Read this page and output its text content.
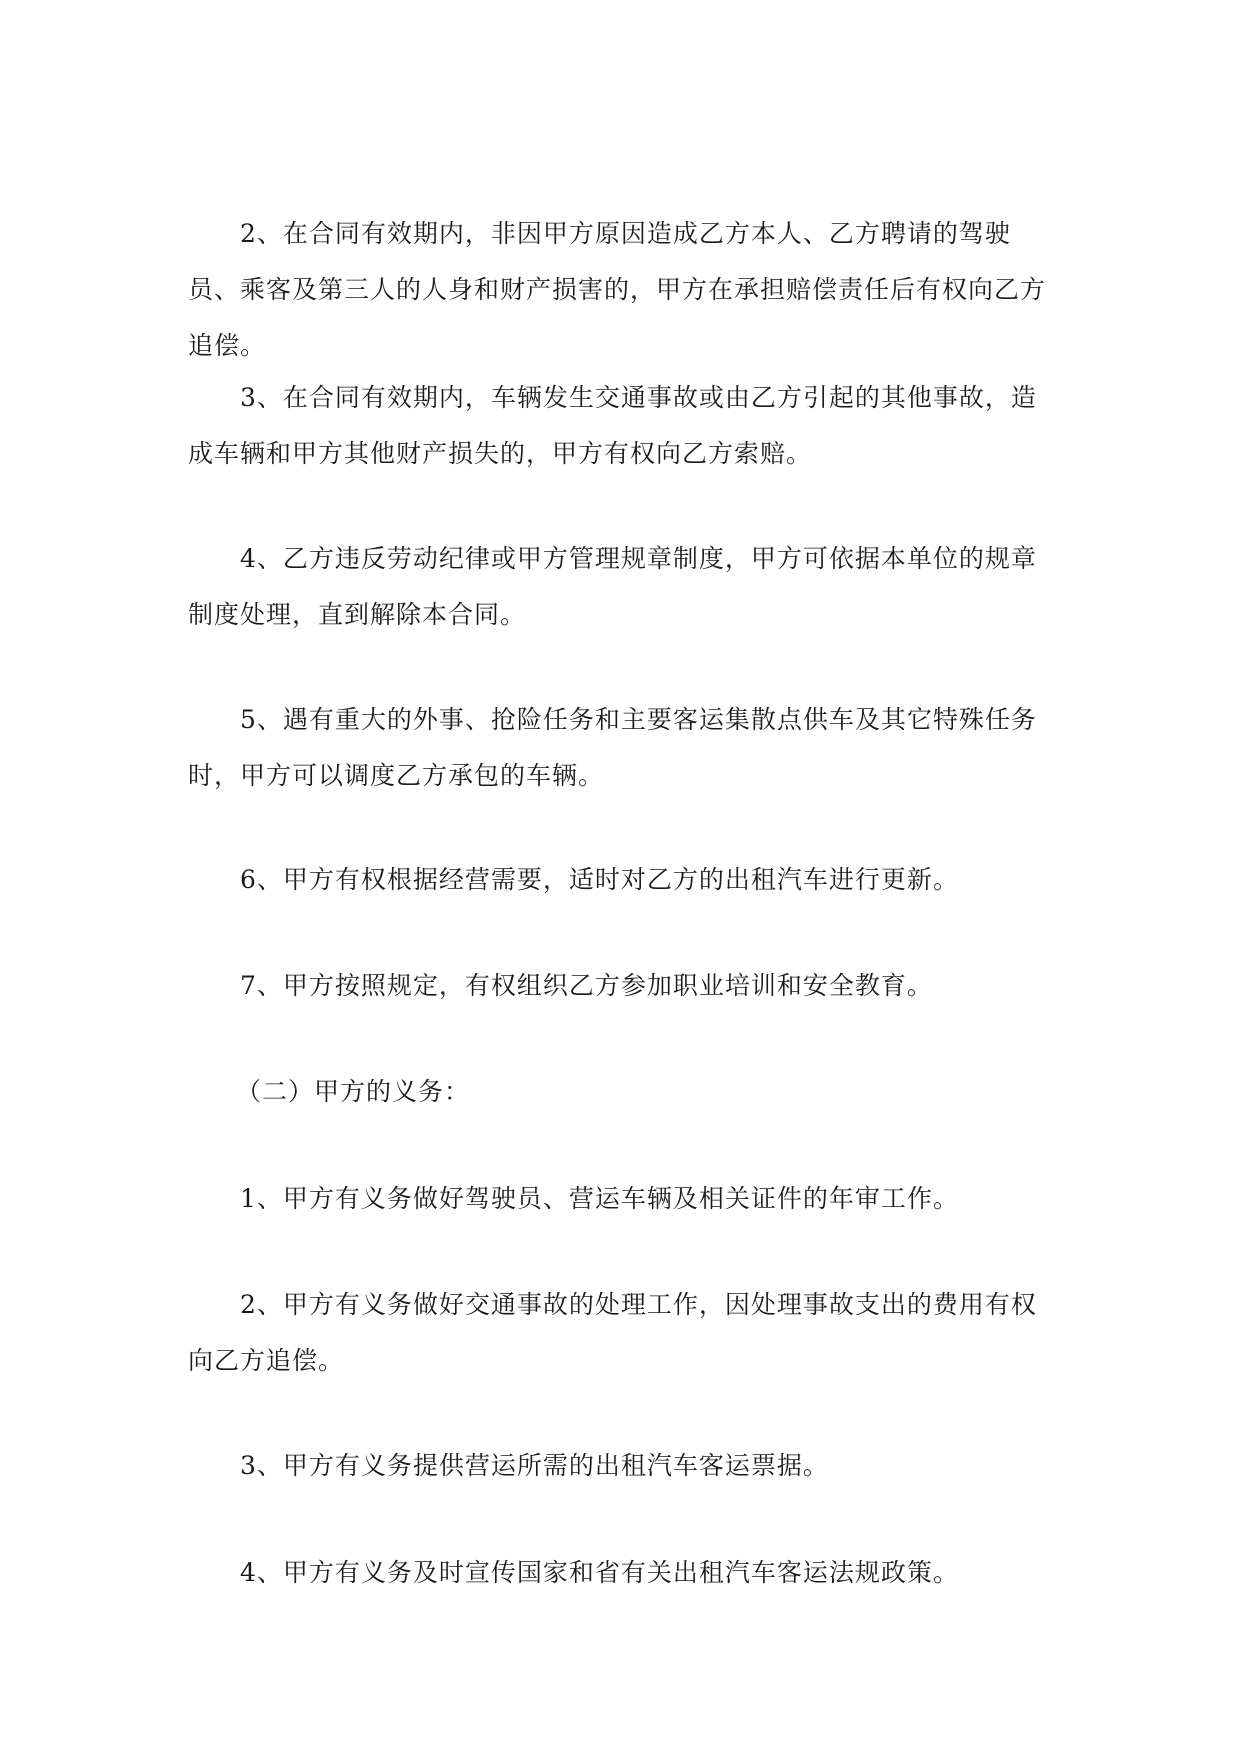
2、在合同有效期内，非因甲方原因造成乙方本人、乙方聘请的驾驶员、乘客及第三人的人身和财产损害的，甲方在承担赔偿责任后有权向乙方追偿。

3、在合同有效期内，车辆发生交通事故或由乙方引起的其他事故，造成车辆和甲方其他财产损失的，甲方有权向乙方索赔。

4、乙方违反劳动纪律或甲方管理规章制度，甲方可依据本单位的规章制度处理，直到解除本合同。

5、遇有重大的外事、抢险任务和主要客运集散点供车及其它特殊任务时，甲方可以调度乙方承包的车辆。

6、甲方有权根据经营需要，适时对乙方的出租汽车进行更新。

7、甲方按照规定，有权组织乙方参加职业培训和安全教育。

（二）甲方的义务：

1、甲方有义务做好驾驶员、营运车辆及相关证件的年审工作。

2、甲方有义务做好交通事故的处理工作，因处理事故支出的费用有权向乙方追偿。

3、甲方有义务提供营运所需的出租汽车客运票据。

4、甲方有义务及时宣传国家和省有关出租汽车客运法规政策。
